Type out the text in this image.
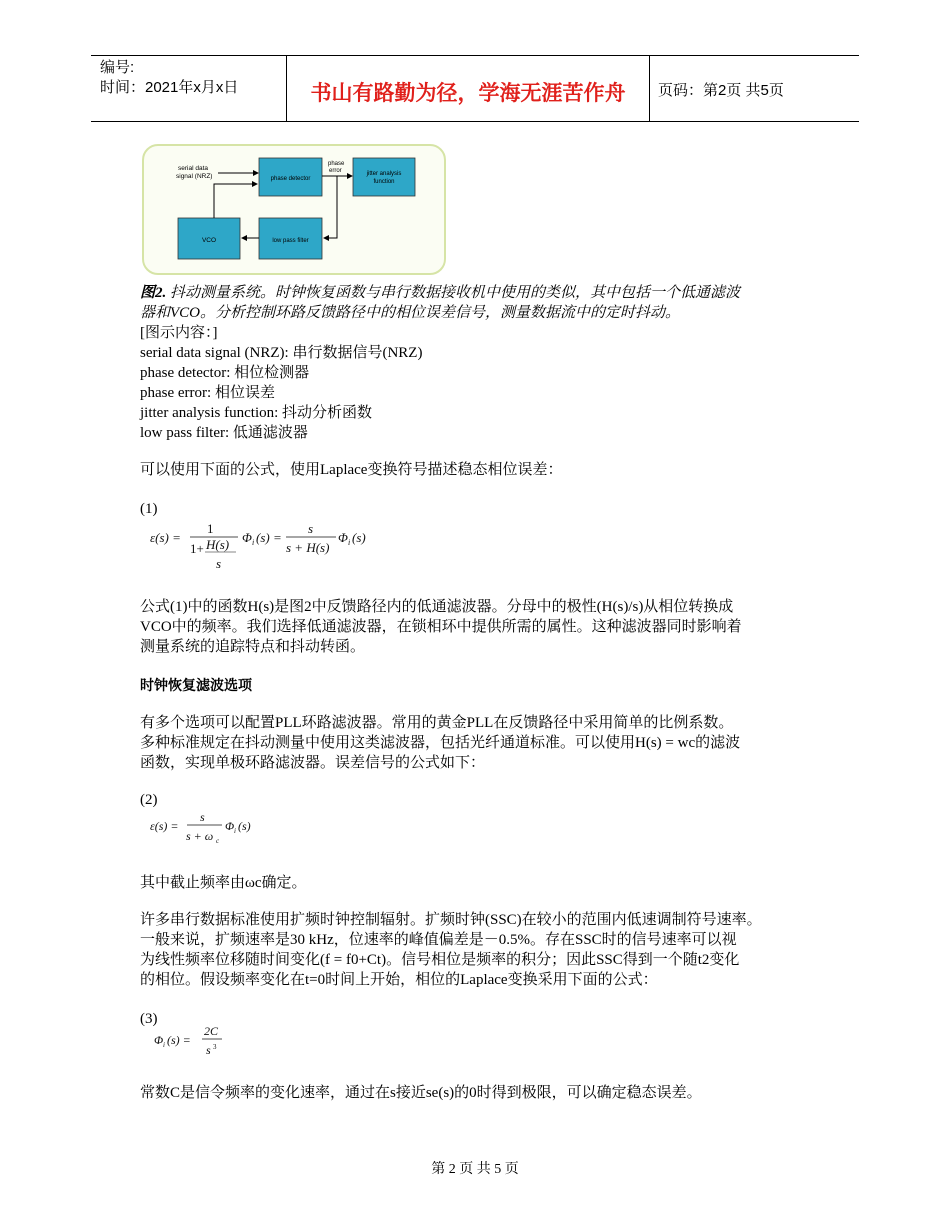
编号:
时间：2021年x月x日	书山有路勤为径，学海无涯苦作舟	页码：第2页 共5页
serial data
signal (NRZ)	phase detector
phase
error	jitter analysis
function
low pass filter
VCO
图2. 抖动测量系统。时钟恢复函数与串行数据接收机中使用的类似，其中包括一个低通滤波
器和VCO。分析控制环路反馈路径中的相位误差信号，测量数据流中的定时抖动。
[图示内容：]
serial data signal (NRZ): 串行数据信号(NRZ)
phase detector: 相位检测器
phase error: 相位误差
jitter analysis function: 抖动分析函数
low pass filter: 低通滤波器
可以使用下面的公式，使用Laplace变换符号描述稳态相位误差：
(1)
ε(s) =
1
1+ H(s)
s
Φ i (s) =
s
s + H(s)
Φ i (s)
公式(1)中的函数H(s)是图2中反馈路径内的低通滤波器。分母中的极性(H(s)/s)从相位转换成
VCO中的频率。我们选择低通滤波器，在锁相环中提供所需的属性。这种滤波器同时影响着
测量系统的追踪特点和抖动转函。
时钟恢复滤波选项
有多个选项可以配置PLL环路滤波器。常用的黄金PLL在反馈路径中采用简单的比例系数。
多种标准规定在抖动测量中使用这类滤波器，包括光纤通道标准。可以使用H(s) = wc的滤波
函数，实现单极环路滤波器。误差信号的公式如下：
(2)
ε(s) =
s
s + ω c
Φ i (s)
其中截止频率由ωc确定。
许多串行数据标准使用扩频时钟控制辐射。扩频时钟(SSC)在较小的范围内低速调制符号速率。
一般来说，扩频速率是30 kHz，位速率的峰值偏差是－0.5%。存在SSC时的信号速率可以视
为线性频率位移随时间变化(f = f0+Ct)。信号相位是频率的积分；因此SSC得到一个随t2变化
的相位。假设频率变化在t=0时间上开始，相位的Laplace变换采用下面的公式：
(3)
Φ i (s) =
2C
s 3
常数C是信令频率的变化速率，通过在s接近se(s)的0时得到极限，可以确定稳态误差。
第 2 页 共 5 页
